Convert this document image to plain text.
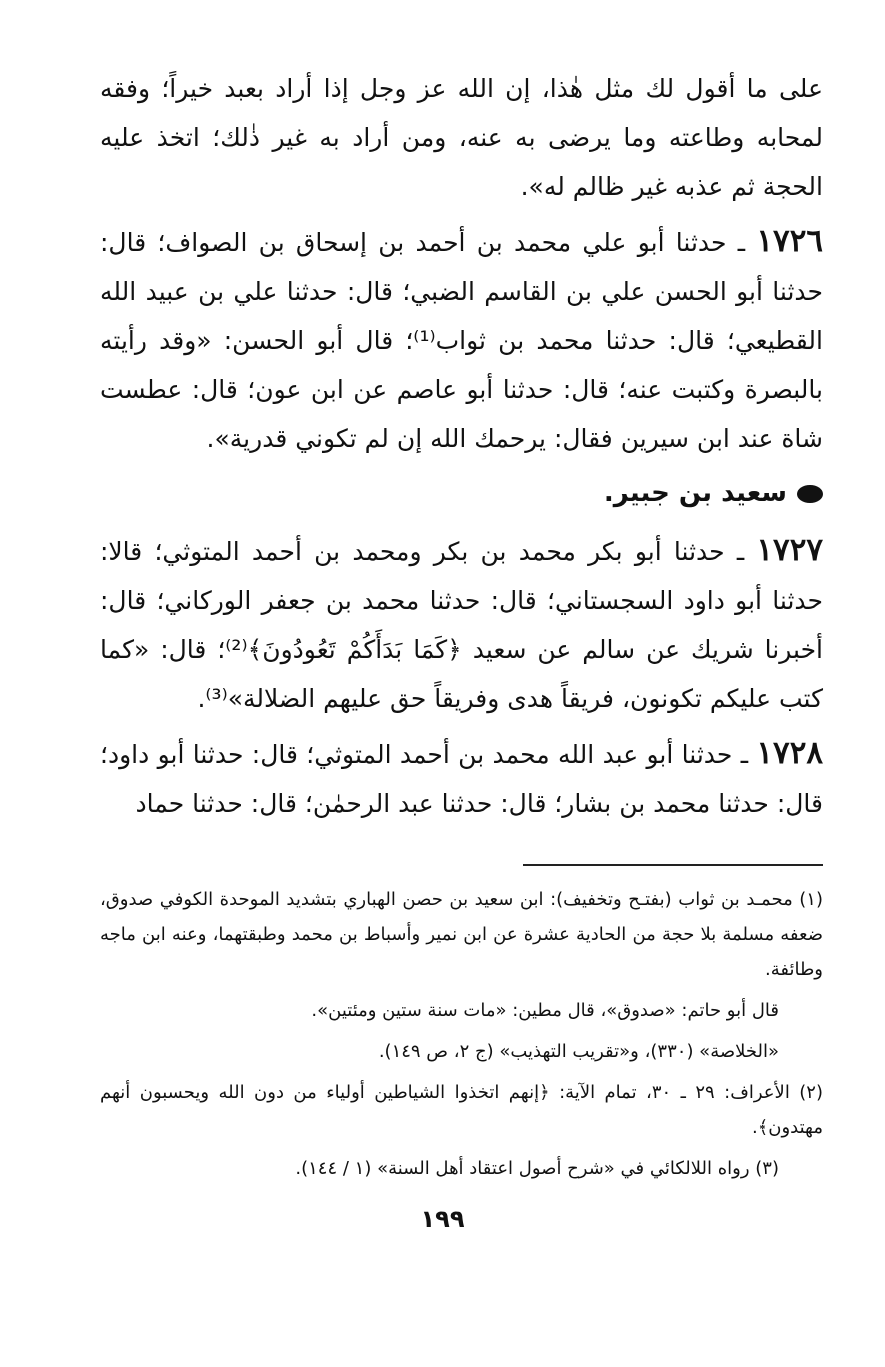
على ما أقول لك مثل هٰذا، إن الله عز وجل إذا أراد بعبد خيراً؛ وفقه لمحابه وطاعته وما يرضى به عنه، ومن أراد به غير ذٰلك؛ اتخذ عليه الحجة ثم عذبه غير ظالم له».

١٧٢٦ ـ حدثنا أبو علي محمد بن أحمد بن إسحاق بن الصواف؛ قال: حدثنا أبو الحسن علي بن القاسم الضبي؛ قال: حدثنا علي بن عبيد الله القطيعي؛ قال: حدثنا محمد بن ثواب⁽¹⁾؛ قال أبو الحسن: «وقد رأيته بالبصرة وكتبت عنه؛ قال: حدثنا أبو عاصم عن ابن عون؛ قال: عطست شاة عند ابن سيرين فقال: يرحمك الله إن لم تكوني قدرية».

سعيد بن جبير.

١٧٢٧ ـ حدثنا أبو بكر محمد بن بكر ومحمد بن أحمد المتوثي؛ قالا: حدثنا أبو داود السجستاني؛ قال: حدثنا محمد بن جعفر الوركاني؛ قال: أخبرنا شريك عن سالم عن سعيد ﴿كَمَا بَدَأَكُمْ تَعُودُونَ﴾⁽²⁾؛ قال: «كما كتب عليكم تكونون، فريقاً هدى وفريقاً حق عليهم الضلالة»⁽³⁾.

١٧٢٨ ـ حدثنا أبو عبد الله محمد بن أحمد المتوثي؛ قال: حدثنا أبو داود؛ قال: حدثنا محمد بن بشار؛ قال: حدثنا عبد الرحمٰن؛ قال: حدثنا حماد

(١) محمـد بن ثواب (بفتـح وتخفيف): ابن سعيد بن حصن الهباري بتشديد الموحدة الكوفي صدوق، ضعفه مسلمة بلا حجة من الحادية عشرة عن ابن نمير وأسباط بن محمد وطبقتهما، وعنه ابن ماجه وطائفة.

قال أبو حاتم: «صدوق»، قال مطين: «مات سنة ستين ومئتين».

«الخلاصة» (٣٣٠)، و«تقريب التهذيب» (ج ٢، ص ١٤٩).

(٢) الأعراف: ٢٩ ـ ٣٠، تمام الآية: ﴿إنهم اتخذوا الشياطين أولياء من دون الله ويحسبون أنهم مهتدون﴾.

(٣) رواه اللالكائي في «شرح أصول اعتقاد أهل السنة» (١ / ١٤٤).

١٩٩
